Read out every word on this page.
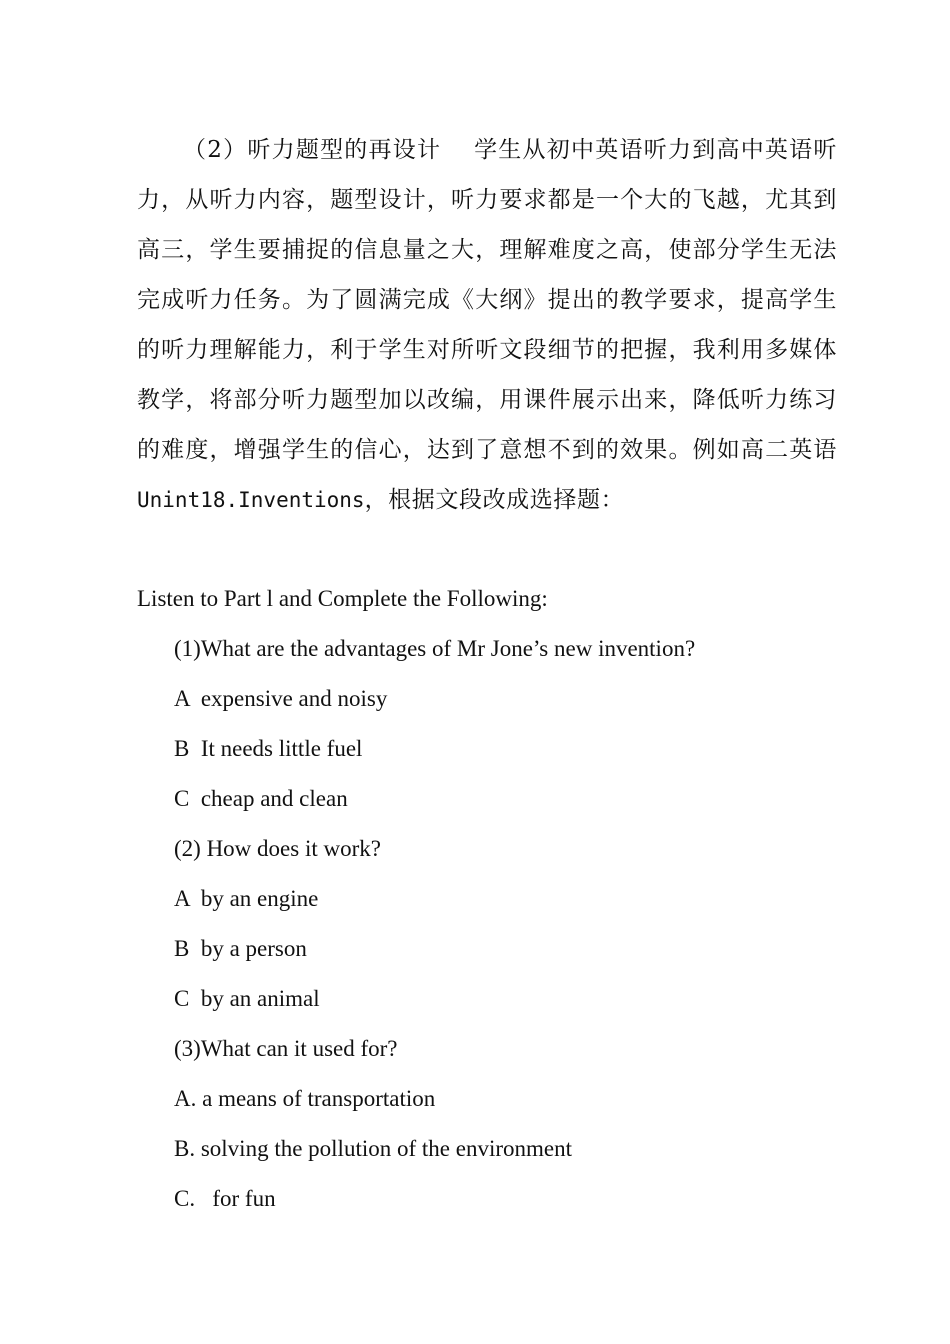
（2）听力题型的再设计　 学生从初中英语听力到高中英语听力，从听力内容，题型设计，听力要求都是一个大的飞越，尤其到高三，学生要捕捉的信息量之大，理解难度之高，使部分学生无法完成听力任务。为了圆满完成《大纲》提出的教学要求，提高学生的听力理解能力，利于学生对所听文段细节的把握，我利用多媒体教学，将部分听力题型加以改编，用课件展示出来，降低听力练习的难度，增强学生的信心，达到了意想不到的效果。例如高二英语Unint18.Inventions，根据文段改成选择题：

Listen to Part l and Complete the Following:

(1)What are the advantages of Mr Jone’s new invention?

A  expensive and noisy

B  It needs little fuel

C  cheap and clean

(2) How does it work?

A  by an engine

B  by a person

C  by an animal

(3)What can it used for?

A. a means of transportation

B. solving the pollution of the environment

C.   for fun
